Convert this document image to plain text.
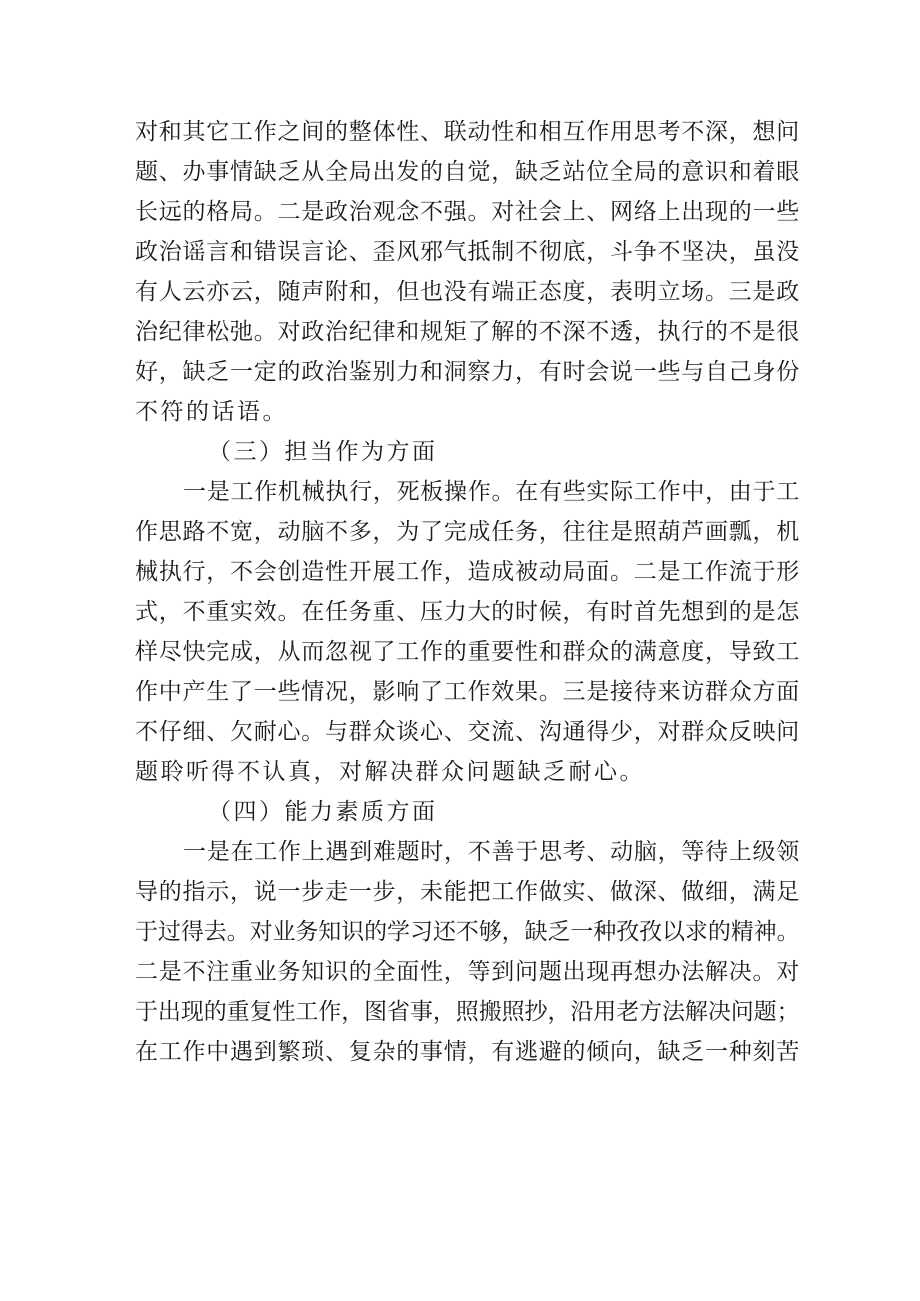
对和其它工作之间的整体性、联动性和相互作用思考不深，想问
题、办事情缺乏从全局出发的自觉，缺乏站位全局的意识和着眼
长远的格局。二是政治观念不强。对社会上、网络上出现的一些
政治谣言和错误言论、歪风邪气抵制不彻底，斗争不坚决，虽没
有人云亦云，随声附和，但也没有端正态度，表明立场。三是政
治纪律松弛。对政治纪律和规矩了解的不深不透，执行的不是很
好，缺乏一定的政治鉴别力和洞察力，有时会说一些与自己身份
不符的话语。
（三）担当作为方面
一是工作机械执行，死板操作。在有些实际工作中，由于工
作思路不宽，动脑不多，为了完成任务，往往是照葫芦画瓢，机
械执行，不会创造性开展工作，造成被动局面。二是工作流于形
式，不重实效。在任务重、压力大的时候，有时首先想到的是怎
样尽快完成，从而忽视了工作的重要性和群众的满意度，导致工
作中产生了一些情况，影响了工作效果。三是接待来访群众方面
不仔细、欠耐心。与群众谈心、交流、沟通得少，对群众反映问
题聆听得不认真，对解决群众问题缺乏耐心。
（四）能力素质方面
一是在工作上遇到难题时，不善于思考、动脑，等待上级领
导的指示，说一步走一步，未能把工作做实、做深、做细，满足
于过得去。对业务知识的学习还不够，缺乏一种孜孜以求的精神。
二是不注重业务知识的全面性，等到问题出现再想办法解决。对
于出现的重复性工作，图省事，照搬照抄，沿用老方法解决问题；
在工作中遇到繁琐、复杂的事情，有逃避的倾向，缺乏一种刻苦
